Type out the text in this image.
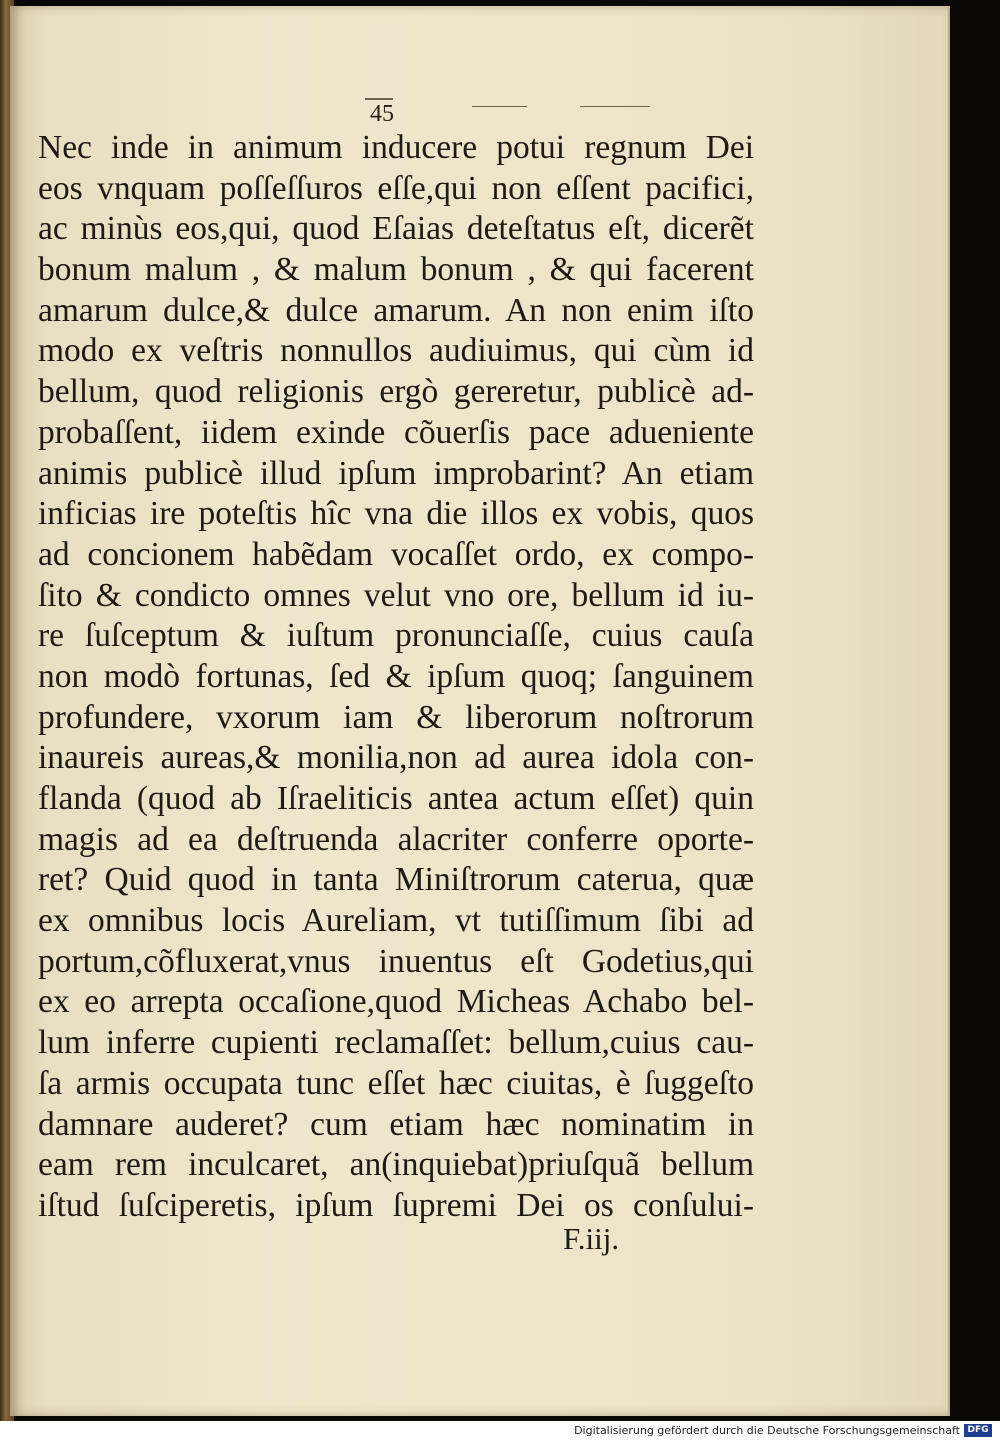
45
Nec inde in animum inducere potui regnum Dei
eos vnquam poſſeſſuros eſſe,qui non eſſent pacifici,
ac minùs eos,qui, quod Eſaias deteſtatus eſt, dicerẽt
bonum malum , & malum bonum , & qui facerent
amarum dulce,& dulce amarum. An non enim iſto
modo ex veſtris nonnullos audiuimus, qui cùm id
bellum, quod religionis ergò gereretur, publicè ad-
probaſſent, iidem exinde cõuerſis pace adueniente
animis publicè illud ipſum improbarint? An etiam
inficias ire poteſtis hîc vna die illos ex vobis, quos
ad concionem habẽdam vocaſſet ordo, ex compo-
ſito & condicto omnes velut vno ore, bellum id iu-
re ſuſceptum & iuſtum pronunciaſſe, cuius cauſa
non modò fortunas, ſed & ipſum quoq; ſanguinem
profundere, vxorum iam & liberorum noſtrorum
inaureis aureas,& monilia,non ad aurea idola con-
flanda (quod ab Iſraeliticis antea actum eſſet) quin
magis ad ea deſtruenda alacriter conferre oporte-
ret? Quid quod in tanta Miniſtrorum caterua, quæ
ex omnibus locis Aureliam, vt tutiſſimum ſibi ad
portum,cõfluxerat,vnus inuentus eſt Godetius,qui
ex eo arrepta occaſione,quod Micheas Achabo bel-
lum inferre cupienti reclamaſſet: bellum,cuius cau-
ſa armis occupata tunc eſſet hæc ciuitas, è ſuggeſto
damnare auderet? cum etiam hæc nominatim in
eam rem inculcaret, an(inquiebat)priuſquã bellum
iſtud ſuſciperetis, ipſum ſupremi Dei os conſului-
F.iij.
Digitalisierung gefördert durch die Deutsche Forschungsgemeinschaft DFG
